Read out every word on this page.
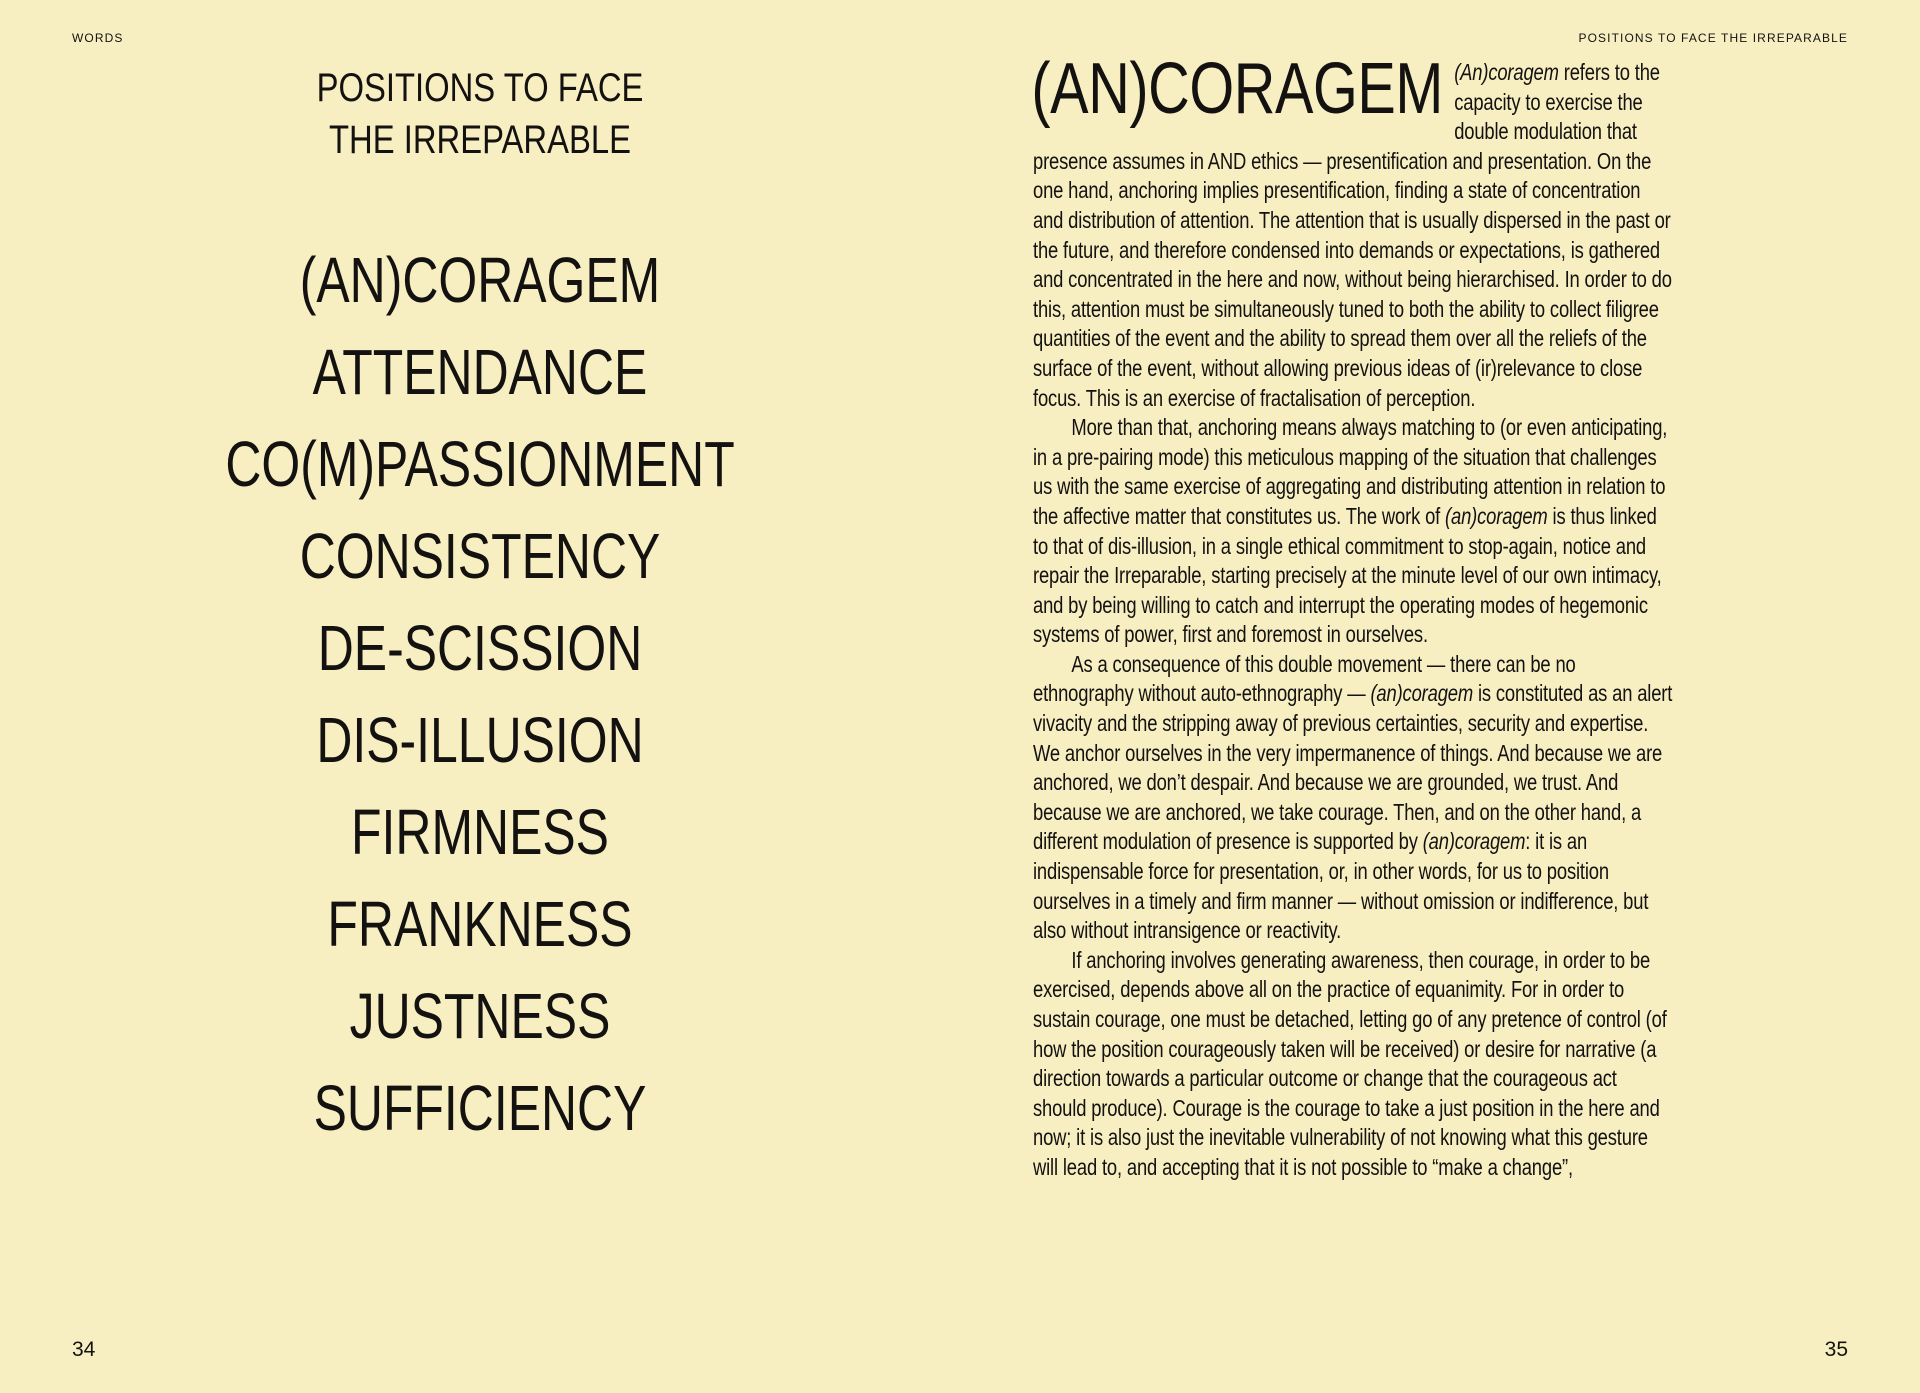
WORDS
POSITIONS TO FACE
THE IRREPARABLE
(AN)CORAGEM
ATTENDANCE
CO(M)PASSIONMENT
CONSISTENCY
DE-SCISSION
DIS-ILLUSION
FIRMNESS
FRANKNESS
JUSTNESS
SUFFICIENCY
34
POSITIONS TO FACE THE IRREPARABLE
35

(AN)CORAGEM (An)coragem refers to the capacity to exercise the double modulation that presence assumes in AND ethics — presentification and presentation. On the one hand, anchoring implies presentification, finding a state of concentration and distribution of attention. The attention that is usually dispersed in the past or the future, and therefore condensed into demands or expectations, is gathered and concentrated in the here and now, without being hierarchised. In order to do this, attention must be simultaneously tuned to both the ability to collect filigree quantities of the event and the ability to spread them over all the reliefs of the surface of the event, without allowing previous ideas of (ir)relevance to close focus. This is an exercise of fractalisation of perception.

More than that, anchoring means always matching to (or even anticipating, in a pre-pairing mode) this meticulous mapping of the situation that challenges us with the same exercise of aggregating and distributing attention in relation to the affective matter that constitutes us. The work of (an)coragem is thus linked to that of dis-illusion, in a single ethical commitment to stop-again, notice and repair the Irreparable, starting precisely at the minute level of our own intimacy, and by being willing to catch and interrupt the operating modes of hegemonic systems of power, first and foremost in ourselves.

As a consequence of this double movement — there can be no ethnography without auto-ethnography — (an)coragem is constituted as an alert vivacity and the stripping away of previous certainties, security and expertise. We anchor ourselves in the very impermanence of things. And because we are anchored, we don’t despair. And because we are grounded, we trust. And because we are anchored, we take courage. Then, and on the other hand, a different modulation of presence is supported by (an)coragem: it is an indispensable force for presentation, or, in other words, for us to position ourselves in a timely and firm manner — without omission or indifference, but also without intransigence or reactivity.

If anchoring involves generating awareness, then courage, in order to be exercised, depends above all on the practice of equanimity. For in order to sustain courage, one must be detached, letting go of any pretence of control (of how the position courageously taken will be received) or desire for narrative (a direction towards a particular outcome or change that the courageous act should produce). Courage is the courage to take a just position in the here and now; it is also just the inevitable vulnerability of not knowing what this gesture will lead to, and accepting that it is not possible to “make a change”,
